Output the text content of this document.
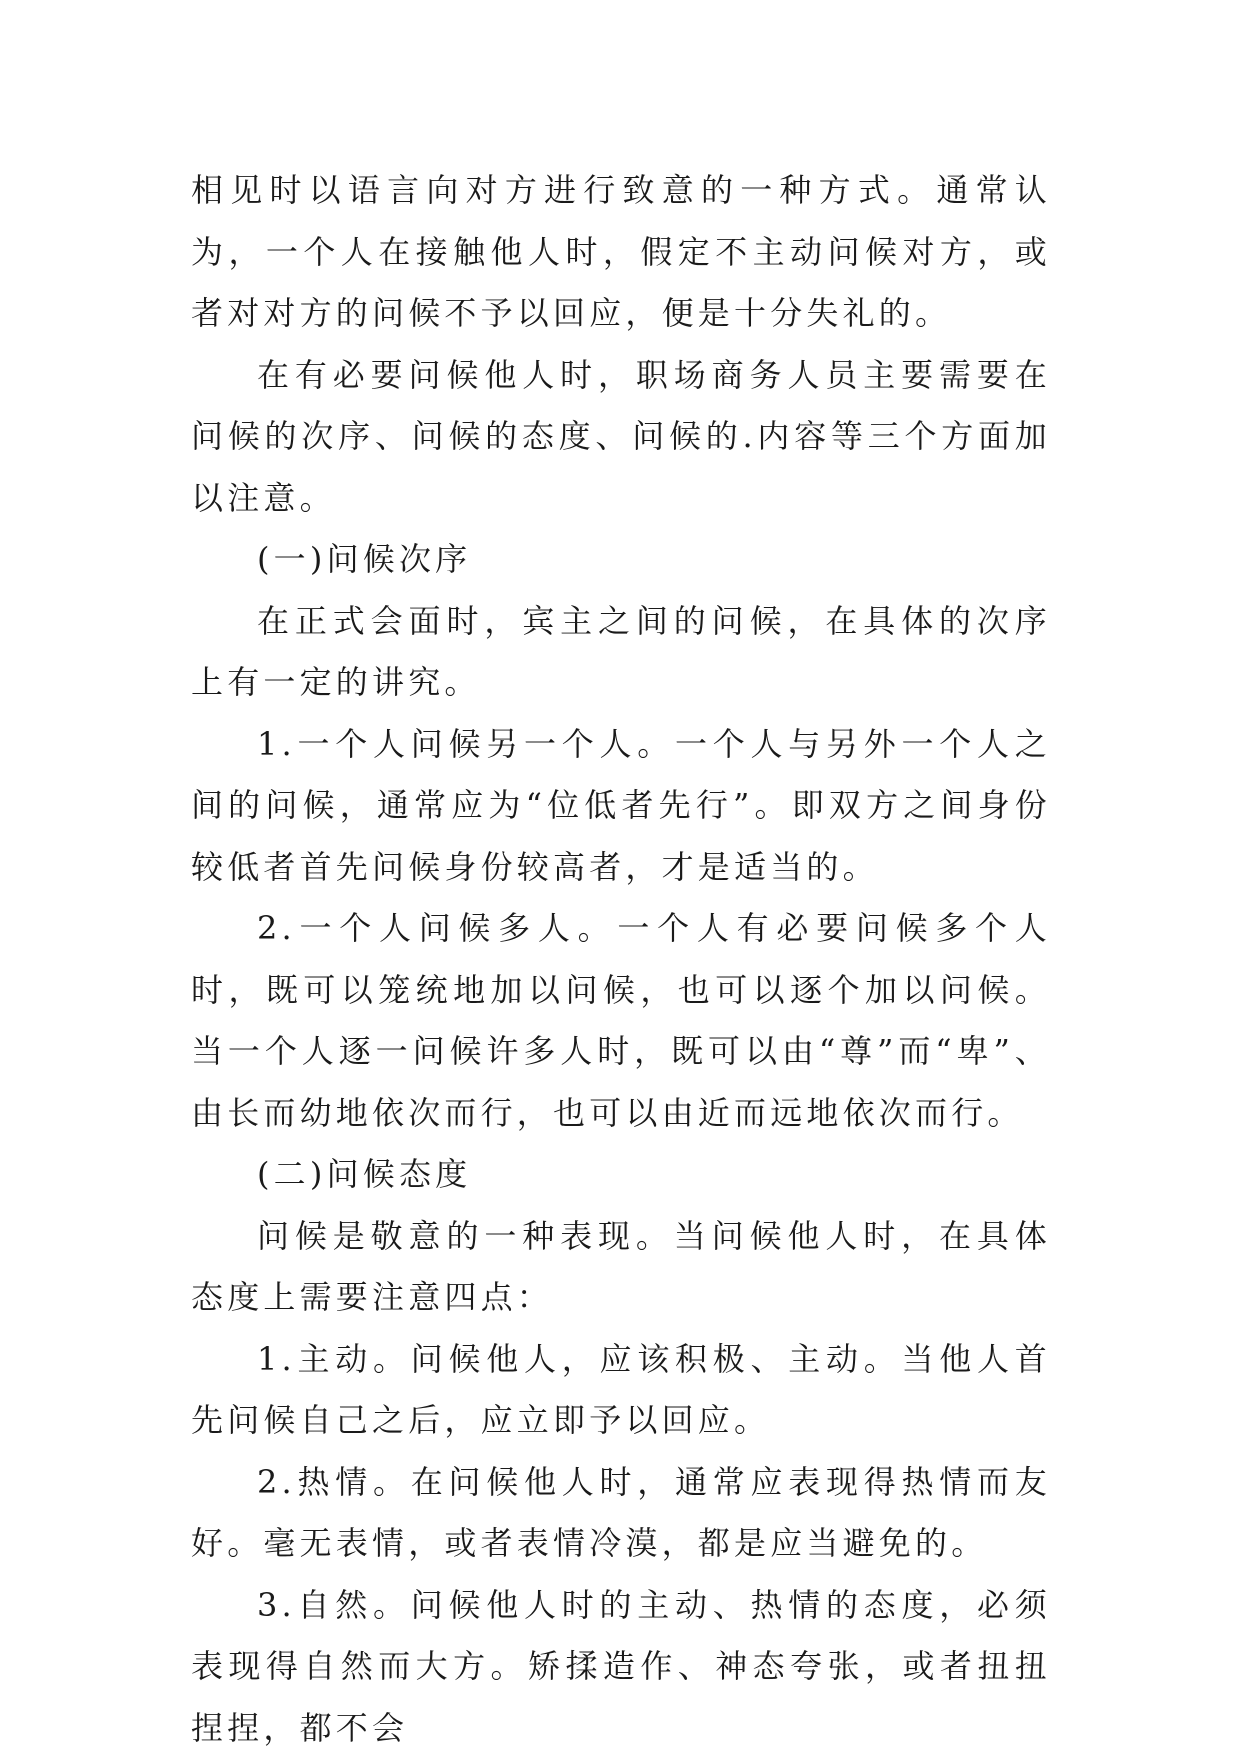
相见时以语言向对方进行致意的一种方式。通常认为，一个人在接触他人时，假定不主动问候对方，或者对对方的问候不予以回应，便是十分失礼的。

在有必要问候他人时，职场商务人员主要需要在问候的次序、问候的态度、问候的.内容等三个方面加以注意。

(一)问候次序

在正式会面时，宾主之间的问候，在具体的次序上有一定的讲究。

1.一个人问候另一个人。一个人与另外一个人之间的问候，通常应为“位低者先行”。即双方之间身份较低者首先问候身份较高者，才是适当的。

2.一个人问候多人。一个人有必要问候多个人时，既可以笼统地加以问候，也可以逐个加以问候。当一个人逐一问候许多人时，既可以由“尊”而“卑”、由长而幼地依次而行，也可以由近而远地依次而行。

(二)问候态度

问候是敬意的一种表现。当问候他人时，在具体态度上需要注意四点：

1.主动。问候他人，应该积极、主动。当他人首先问候自己之后，应立即予以回应。

2.热情。在问候他人时，通常应表现得热情而友好。毫无表情，或者表情冷漠，都是应当避免的。

3.自然。问候他人时的主动、热情的态度，必须表现得自然而大方。矫揉造作、神态夸张，或者扭扭捏捏，都不会
